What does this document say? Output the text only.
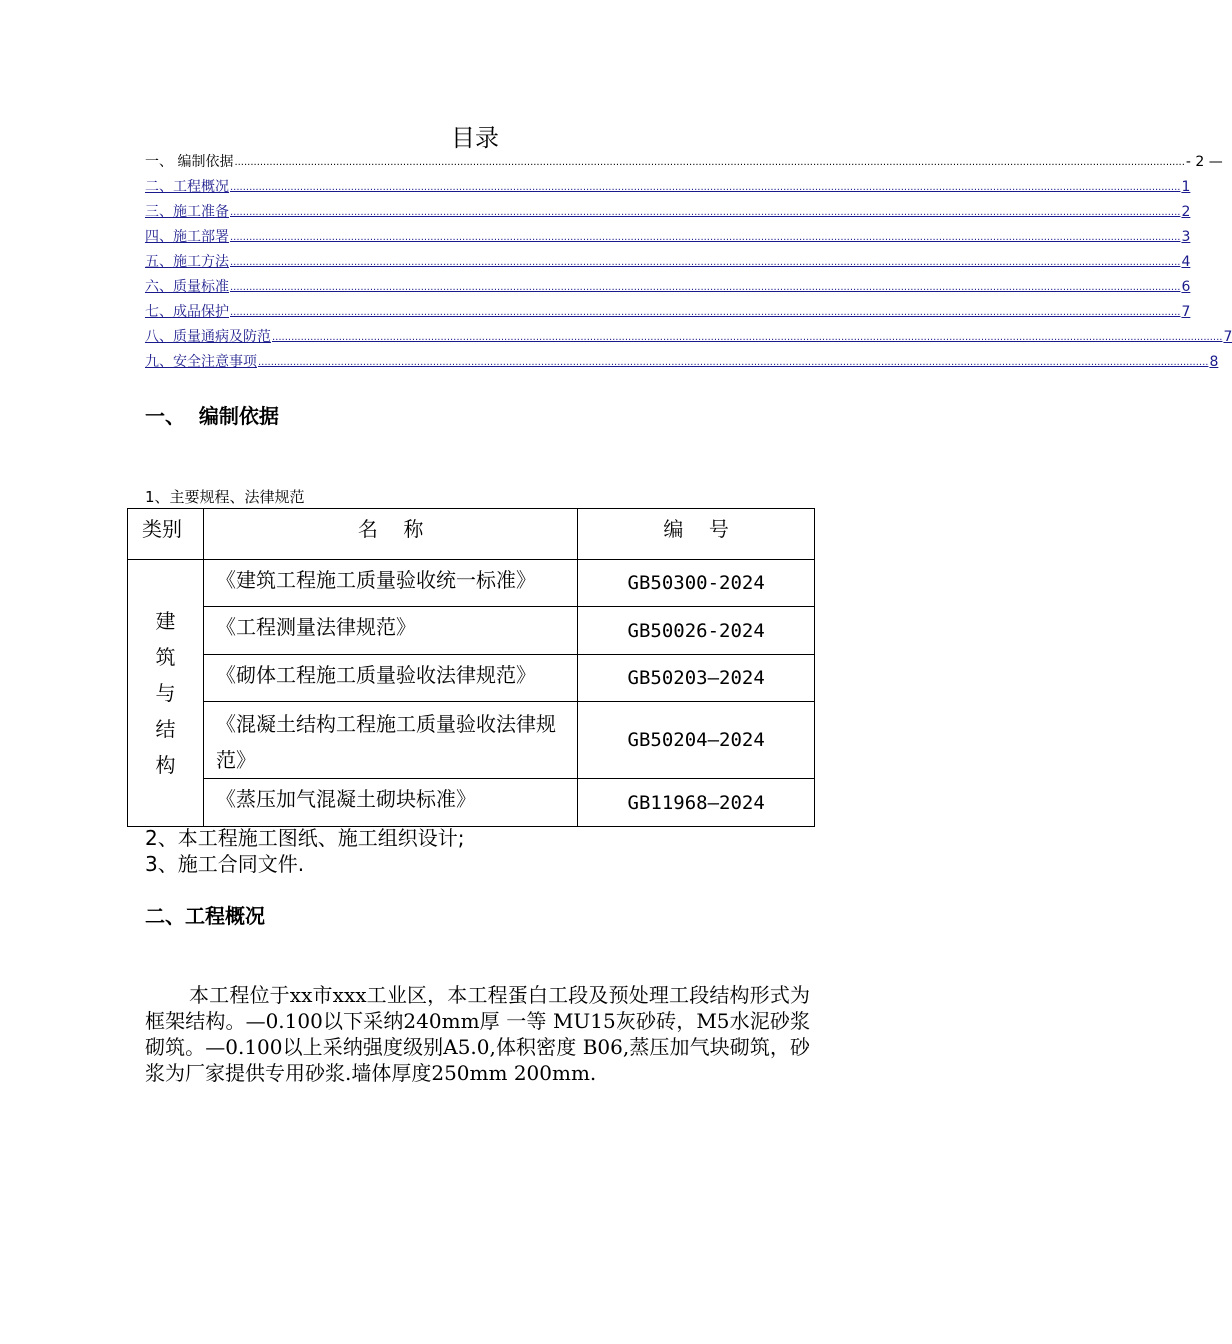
目录
一、 编制依据 ........................................................................................................................................................................................................................................................................................................... - 2 —
二、工程概况 ........................................................................................................................................................................................................................................................................................................... 1
三、施工准备 ........................................................................................................................................................................................................................................................................................................... 2
四、施工部署 ........................................................................................................................................................................................................................................................................................................... 3
五、施工方法 ........................................................................................................................................................................................................................................................................................................... 4
六、质量标准 ........................................................................................................................................................................................................................................................................................................... 6
七、成品保护 ........................................................................................................................................................................................................................................................................................................... 7
八、质量通病及防范 ........................................................................................................................................................................................................................................................................................................... 7
九、安全注意事项 ........................................................................................................................................................................................................................................................................................................... 8
一、  编制依据
1、主要规程、法律规范
类别	名    称	编    号

建
筑
与
结
构	《建筑工程施工质量验收统一标准》	GB50300-2024
	《工程测量法律规范》	GB50026-2024
	《砌体工程施工质量验收法律规范》	GB50203—2024
	《混凝土结构工程施工质量验收法律规范》	GB50204—2024
	《蒸压加气混凝土砌块标准》	GB11968—2024
2、本工程施工图纸、施工组织设计;
3、施工合同文件.
二、工程概况
本工程位于xx市xxx工业区，本工程蛋白工段及预处理工段结构形式为框架结构。—0.100以下采纳240mm厚 一等 MU15灰砂砖，M5水泥砂浆砌筑。—0.100以上采纳强度级别A5.0,体积密度 B06,蒸压加气块砌筑，砂浆为厂家提供专用砂浆.墙体厚度250mm 200mm.
